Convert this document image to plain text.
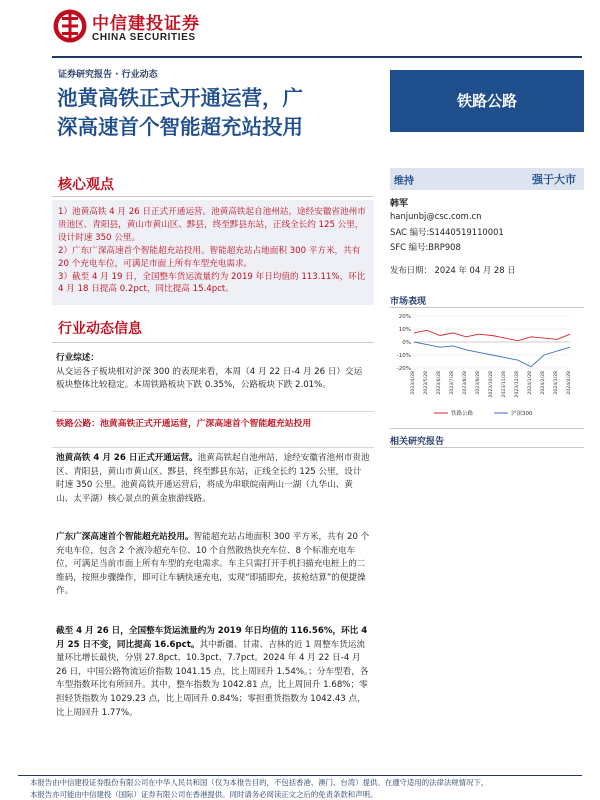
中信建投证券
CHINA SECURITIES
证券研究报告 · 行业动态
池黄高铁正式开通运营，广
深高速首个智能超充站投用
铁路公路
核心观点

1）池黄高铁 4 月 26 日正式开通运营。池黄高铁起自池州站，途经安徽省池州市贵池区、青阳县，黄山市黄山区、黟县，终至黟县东站，正线全长约 125 公里，设计时速 350 公里。

2）广东广深高速首个智能超充站投用。智能超充站占地面积 300 平方米，共有 20 个充电车位，可满足市面上所有车型充电需求。

3）截至 4 月 19 日，全国整车货运流量约为 2019 年日均值的 113.11%，环比 4 月 18 日提高 0.2pct，同比提高 15.4pct。

行业动态信息
行业综述：
从交运各子板块相对沪深 300 的表现来看，本周（4 月 22 日-4 月 26 日）交运板块整体比较稳定。本周铁路板块下跌 0.35%，公路板块下跌 2.01%。
铁路公路：池黄高铁正式开通运营，广深高速首个智能超充站投用
池黄高铁 4 月 26 日正式开通运营。池黄高铁起自池州站，途经安徽省池州市贵池区、青阳县，黄山市黄山区、黟县，终至黟县东站，正线全长约 125 公里，设计时速 350 公里。池黄高铁开通运营后，将成为串联皖南两山一湖（九华山、黄山、太平湖）核心景点的黄金旅游线路。
广东广深高速首个智能超充站投用。智能超充站占地面积 300 平方米，共有 20 个充电车位，包含 2 个液冷超充车位、10 个自然散热快充车位、8 个标准充电车位，可满足当前市面上所有车型的充电需求。车主只需打开手机扫描充电桩上的二维码，按照步骤操作，即可让车辆快速充电，实现“即插即充，拔枪结算”的便捷操作。
截至 4 月 26 日，全国整车货运流量约为 2019 年日均值的 116.56%，环比 4 月 25 日不变，同比提高 16.6pct。其中新疆、甘肃、吉林的近 1 周整车货运流量环比增长最快，分别 27.8pct、10.3pct、7.7pct。2024 年 4 月 22 日-4 月 26 日，中国公路物流运价指数 1041.15 点，比上周回升 1.54%。；分车型看，各车型指数环比有所回升。其中，整车指数为 1042.81 点，比上周回升 1.68%；零担轻货指数为 1029.23 点，比上周回升 0.84%；零担重货指数为 1042.43 点，比上周回升 1.77%。
维持	强于大市
韩军
hanjunbj@csc.com.cn
SAC 编号:S1440519110001
SFC 编号:BRP908
发布日期： 2024 年 04 月 28 日
市场表现
20%
10%
0%
-10%
-20%
2023/4/28 2023/5/28 2023/6/28 2023/7/28 2023/8/28 2023/9/28 2023/10/28 2023/11/28 2023/12/28 2024/1/28 2024/2/28 2024/3/28 2024/4/28
铁路公路	沪深300
相关研究报告
本报告由中信建投证券股份有限公司在中华人民共和国（仅为本报告目的，不包括香港、澳门、台湾）提供。在遵守适用的法律法规情况下，
本报告亦可能由中信建投（国际）证券有限公司在香港提供。同时请务必阅读正文之后的免责条款和声明。
